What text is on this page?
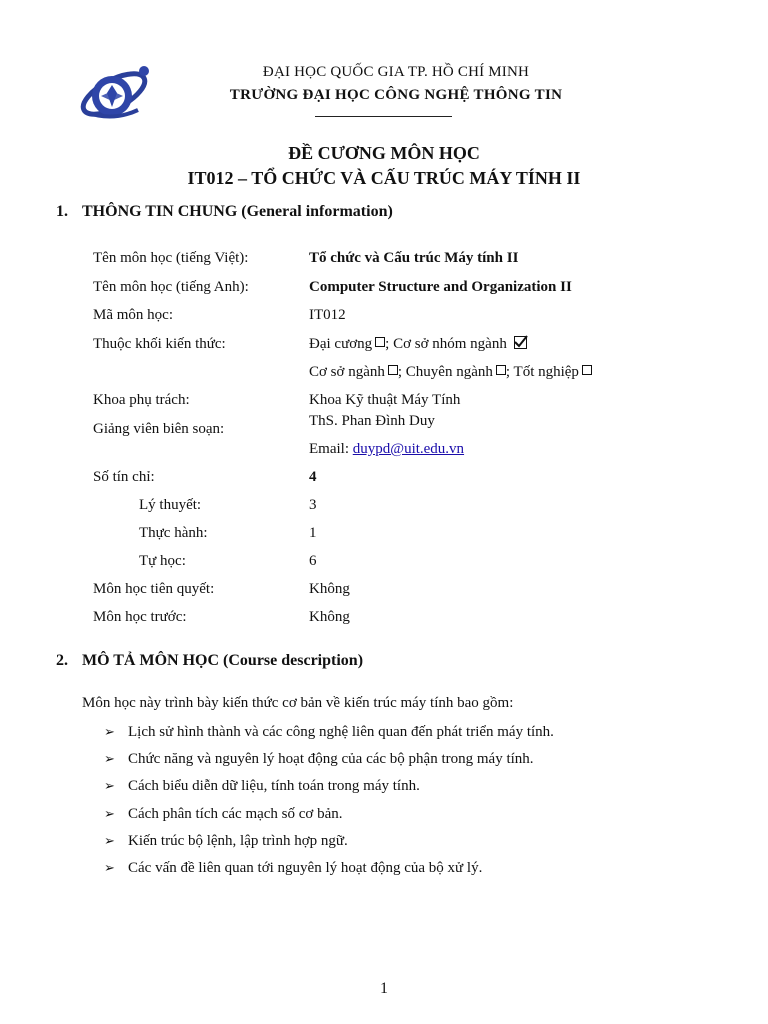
ĐẠI HỌC QUỐC GIA TP. HỒ CHÍ MINH
TRƯỜNG ĐẠI HỌC CÔNG NGHỆ THÔNG TIN
ĐỀ CƯƠNG MÔN HỌC
IT012 – TỔ CHỨC VÀ CẤU TRÚC MÁY TÍNH II
1. THÔNG TIN CHUNG (General information)
Tên môn học (tiếng Việt):	Tổ chức và Cấu trúc Máy tính II
Tên môn học (tiếng Anh):	Computer Structure and Organization II
Mã môn học:	IT012
Thuộc khối kiến thức:	Đại cương ; Cơ sở nhóm ngành
Cơ sở ngành ; Chuyên ngành ; Tốt nghiệp
Khoa phụ trách:	Khoa Kỹ thuật Máy Tính
Giảng viên biên soạn:	ThS. Phan Đình Duy
Email: duypd@uit.edu.vn
Số tín chỉ:	4
Lý thuyết:	3
Thực hành:	1
Tự học:	6
Môn học tiên quyết:	Không
Môn học trước:	Không
2. MÔ TẢ MÔN HỌC (Course description)
Môn học này trình bày kiến thức cơ bản về kiến trúc máy tính bao gồm:
➢ Lịch sử hình thành và các công nghệ liên quan đến phát triển máy tính.
➢ Chức năng và nguyên lý hoạt động của các bộ phận trong máy tính.
➢ Cách biểu diễn dữ liệu, tính toán trong máy tính.
➢ Cách phân tích các mạch số cơ bản.
➢ Kiến trúc bộ lệnh, lập trình hợp ngữ.
➢ Các vấn đề liên quan tới nguyên lý hoạt động của bộ xử lý.
1
